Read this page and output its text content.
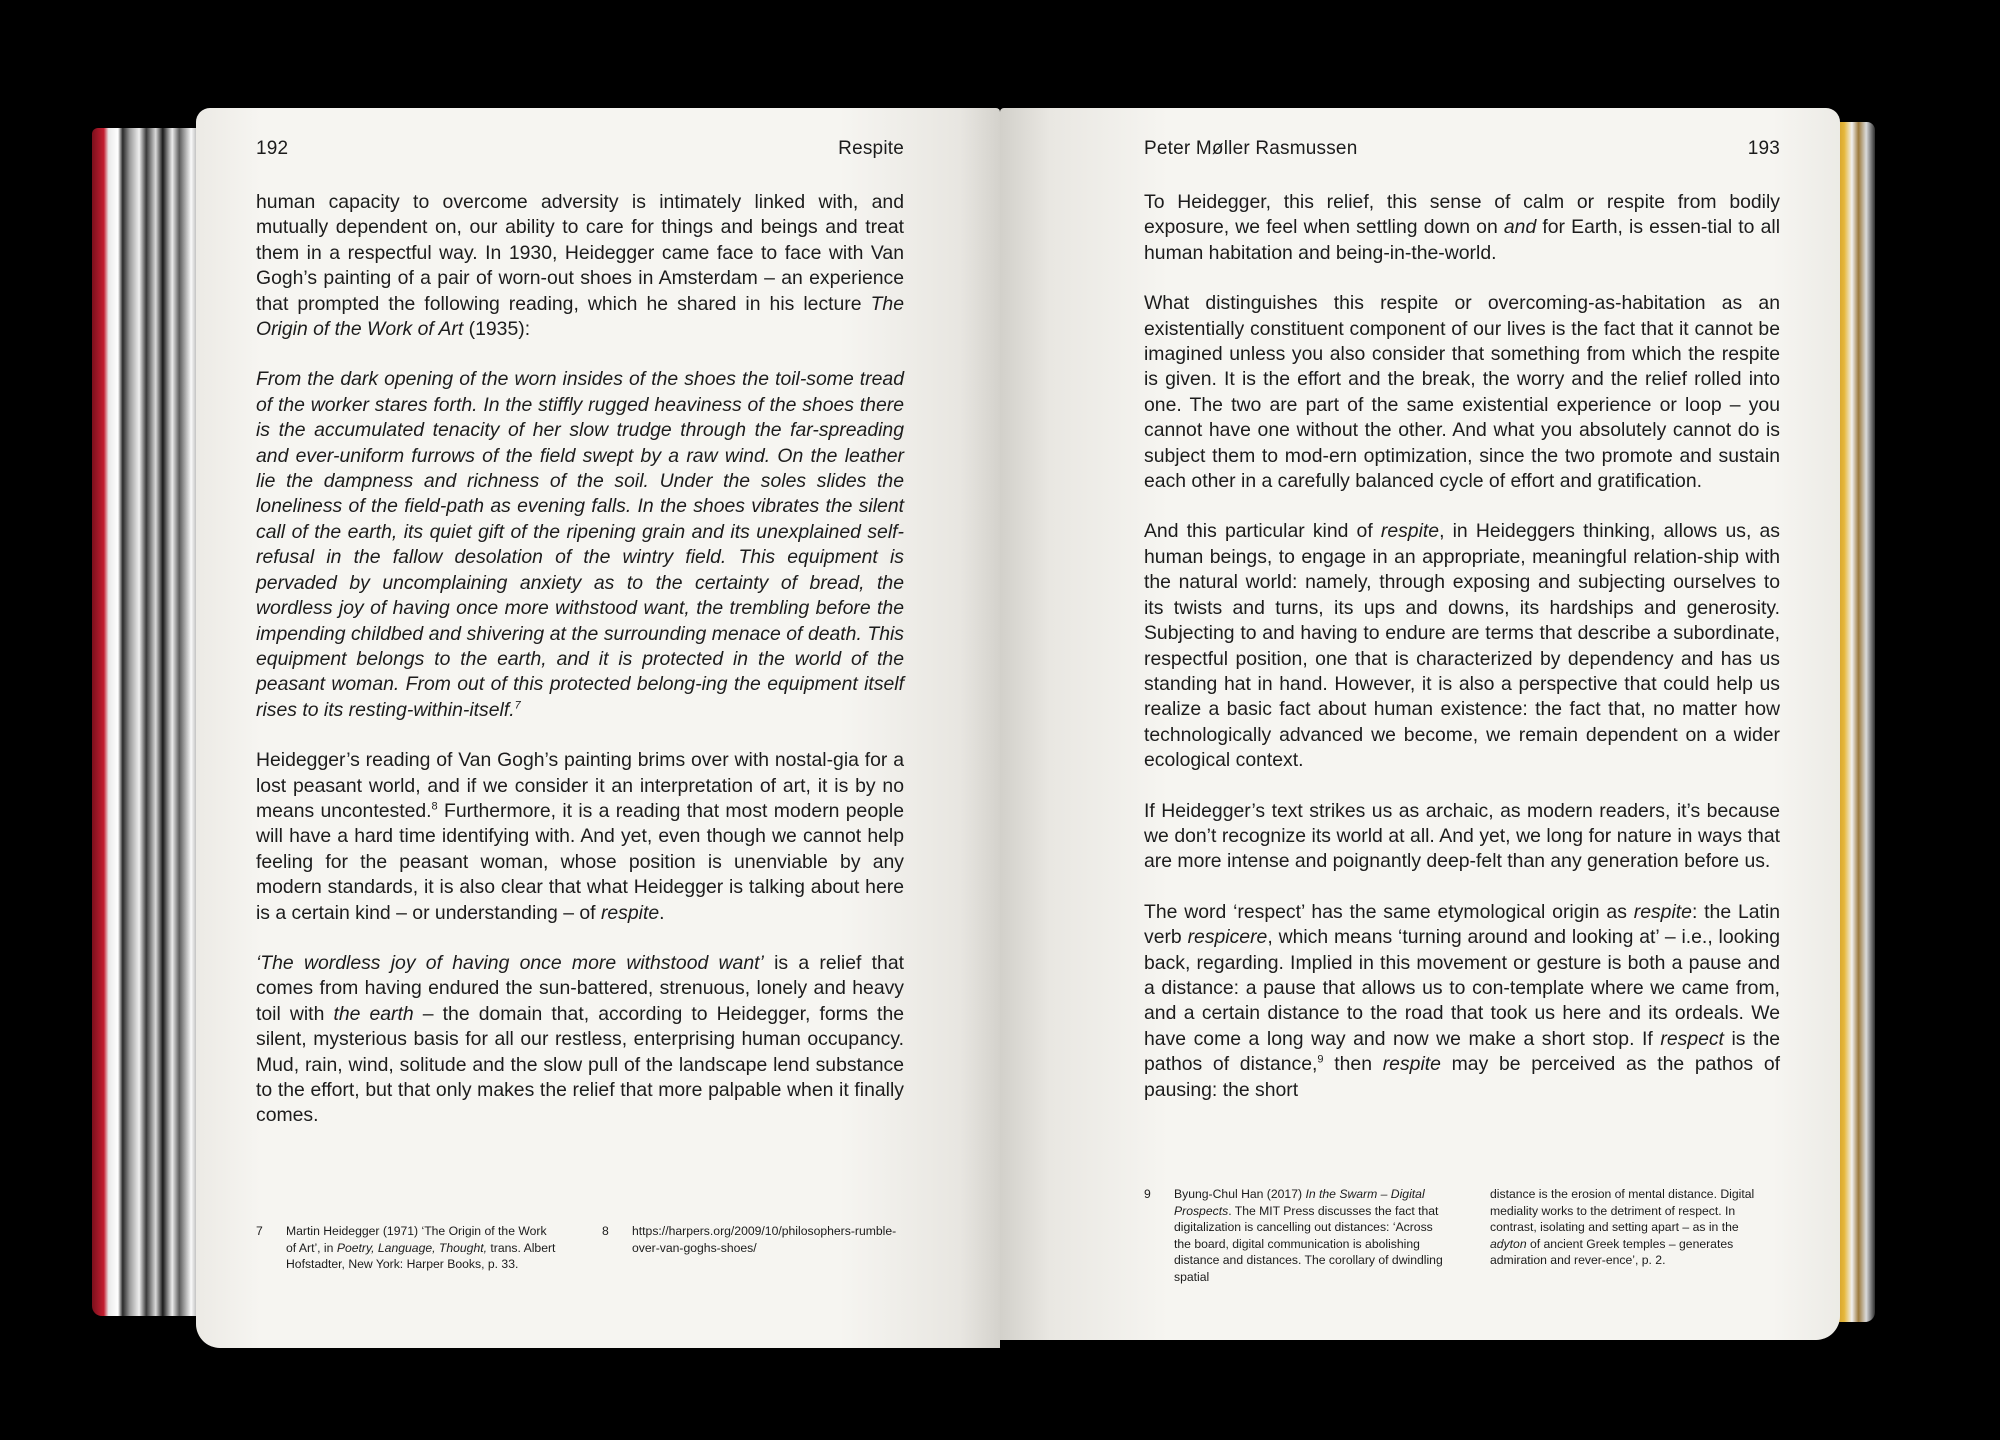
192	Respite

human capacity to overcome adversity is intimately linked with, and mutually dependent on, our ability to care for things and beings and treat them in a respectful way. In 1930, Heidegger came face to face with Van Gogh’s painting of a pair of worn-out shoes in Amsterdam – an experience that prompted the following reading, which he shared in his lecture The Origin of the Work of Art (1935):

From the dark opening of the worn insides of the shoes the toil-some tread of the worker stares forth. In the stiffly rugged heaviness of the shoes there is the accumulated tenacity of her slow trudge through the far-spreading and ever-uniform furrows of the field swept by a raw wind. On the leather lie the dampness and richness of the soil. Under the soles slides the loneliness of the field-path as evening falls. In the shoes vibrates the silent call of the earth, its quiet gift of the ripening grain and its unexplained self-refusal in the fallow desolation of the wintry field. This equipment is pervaded by uncomplaining anxiety as to the certainty of bread, the wordless joy of having once more withstood want, the trembling before the impending childbed and shivering at the surrounding menace of death. This equipment belongs to the earth, and it is protected in the world of the peasant woman. From out of this protected belong-ing the equipment itself rises to its resting-within-itself.$^7$

Heidegger’s reading of Van Gogh’s painting brims over with nostal-gia for a lost peasant world, and if we consider it an interpretation of art, it is by no means uncontested.$^8$ Furthermore, it is a reading that most modern people will have a hard time identifying with. And yet, even though we cannot help feeling for the peasant woman, whose position is unenviable by any modern standards, it is also clear that what Heidegger is talking about here is a certain kind – or understanding – of respite.

‘The wordless joy of having once more withstood want’ is a relief that comes from having endured the sun-battered, strenuous, lonely and heavy toil with the earth – the domain that, according to Heidegger, forms the silent, mysterious basis for all our restless, enterprising human occupancy. Mud, rain, wind, solitude and the slow pull of the landscape lend substance to the effort, but that only makes the relief that more palpable when it finally comes.

7	Martin Heidegger (1971) ‘The Origin of the Work of Art’, in Poetry, Language, Thought, trans. Albert Hofstadter, New York: Harper Books, p. 33.
8	https://harpers.org/2009/10/philosophers-rumble-over-van-goghs-shoes/
Peter Møller Rasmussen	193

To Heidegger, this relief, this sense of calm or respite from bodily exposure, we feel when settling down on and for Earth, is essen-tial to all human habitation and being-in-the-world.

What distinguishes this respite or overcoming-as-habitation as an existentially constituent component of our lives is the fact that it cannot be imagined unless you also consider that something from which the respite is given. It is the effort and the break, the worry and the relief rolled into one. The two are part of the same existential experience or loop – you cannot have one without the other. And what you absolutely cannot do is subject them to mod-ern optimization, since the two promote and sustain each other in a carefully balanced cycle of effort and gratification.

And this particular kind of respite, in Heideggers thinking, allows us, as human beings, to engage in an appropriate, meaningful relation-ship with the natural world: namely, through exposing and subjecting ourselves to its twists and turns, its ups and downs, its hardships and generosity. Subjecting to and having to endure are terms that describe a subordinate, respectful position, one that is characterized by dependency and has us standing hat in hand. However, it is also a perspective that could help us realize a basic fact about human existence: the fact that, no matter how technologically advanced we become, we remain dependent on a wider ecological context.

If Heidegger’s text strikes us as archaic, as modern readers, it’s because we don’t recognize its world at all. And yet, we long for nature in ways that are more intense and poignantly deep-felt than any generation before us.

The word ‘respect’ has the same etymological origin as respite: the Latin verb respicere, which means ‘turning around and looking at’ – i.e., looking back, regarding. Implied in this movement or gesture is both a pause and a distance: a pause that allows us to con-template where we came from, and a certain distance to the road that took us here and its ordeals. We have come a long way and now we make a short stop. If respect is the pathos of distance,$^9$ then respite may be perceived as the pathos of pausing: the short

9	Byung-Chul Han (2017) In the Swarm – Digital Prospects. The MIT Press discusses the fact that digitalization is cancelling out distances: ‘Across the board, digital communication is abolishing distance and distances. The corollary of dwindling spatial
distance is the erosion of mental distance. Digital mediality works to the detriment of respect. In contrast, isolating and setting apart – as in the adyton of ancient Greek temples – generates admiration and rever-ence’, p. 2.
